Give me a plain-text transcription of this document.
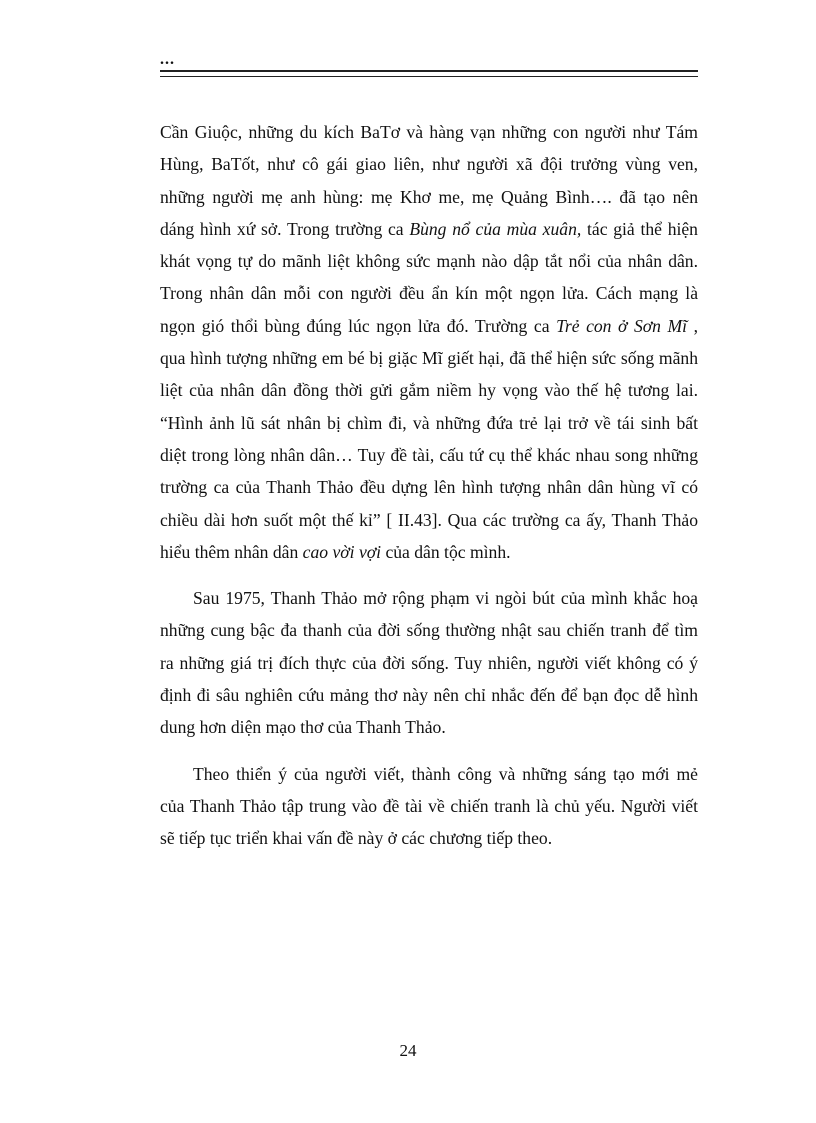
...
Cần Giuộc, những du kích BaTơ và hàng vạn những con người như Tám
Hùng, BaTốt, như cô gái giao liên, như người xã đội trưởng vùng ven,
những người mẹ anh hùng: mẹ Khơ me, mẹ Quảng Bình…. đã tạo nên
dáng hình xứ sở. Trong trường ca Bùng nổ của mùa xuân, tác giả thể hiện
khát vọng tự do mãnh liệt không sức mạnh nào dập tắt nổi của nhân dân.
Trong nhân dân mỗi con người đều ẩn kín một ngọn lửa. Cách mạng là
ngọn gió thổi bùng đúng lúc ngọn lửa đó. Trường ca Trẻ con ở Sơn Mĩ ,
qua hình tượng những em bé bị giặc Mĩ giết hại, đã thể hiện sức sống mãnh
liệt của nhân dân đồng thời gửi gắm niềm hy vọng vào thế hệ tương lai.
“Hình ảnh lũ sát nhân bị chìm đi, và những đứa trẻ lại trở về tái sinh bất
diệt trong lòng nhân dân… Tuy đề tài, cấu tứ cụ thể khác nhau song những
trường ca của Thanh Thảo đều dựng lên hình tượng nhân dân hùng vĩ có
chiều dài hơn suốt một thế kỉ” [ II.43]. Qua các trường ca ấy, Thanh Thảo
hiểu thêm nhân dân cao vời vợi của dân tộc mình.
Sau 1975, Thanh Thảo mở rộng phạm vi ngòi bút của mình khắc hoạ
những cung bậc đa thanh của đời sống thường nhật sau chiến tranh để tìm
ra những giá trị đích thực của đời sống. Tuy nhiên, người viết không có ý
định đi sâu nghiên cứu mảng thơ này nên chỉ nhắc đến để bạn đọc dễ hình
dung hơn diện mạo thơ của Thanh Thảo.
Theo thiển ý của người viết, thành công và những sáng tạo mới mẻ
của Thanh Thảo tập trung vào đề tài về chiến tranh là chủ yếu. Người viết
sẽ tiếp tục triển khai vấn đề này ở các chương tiếp theo.
24
